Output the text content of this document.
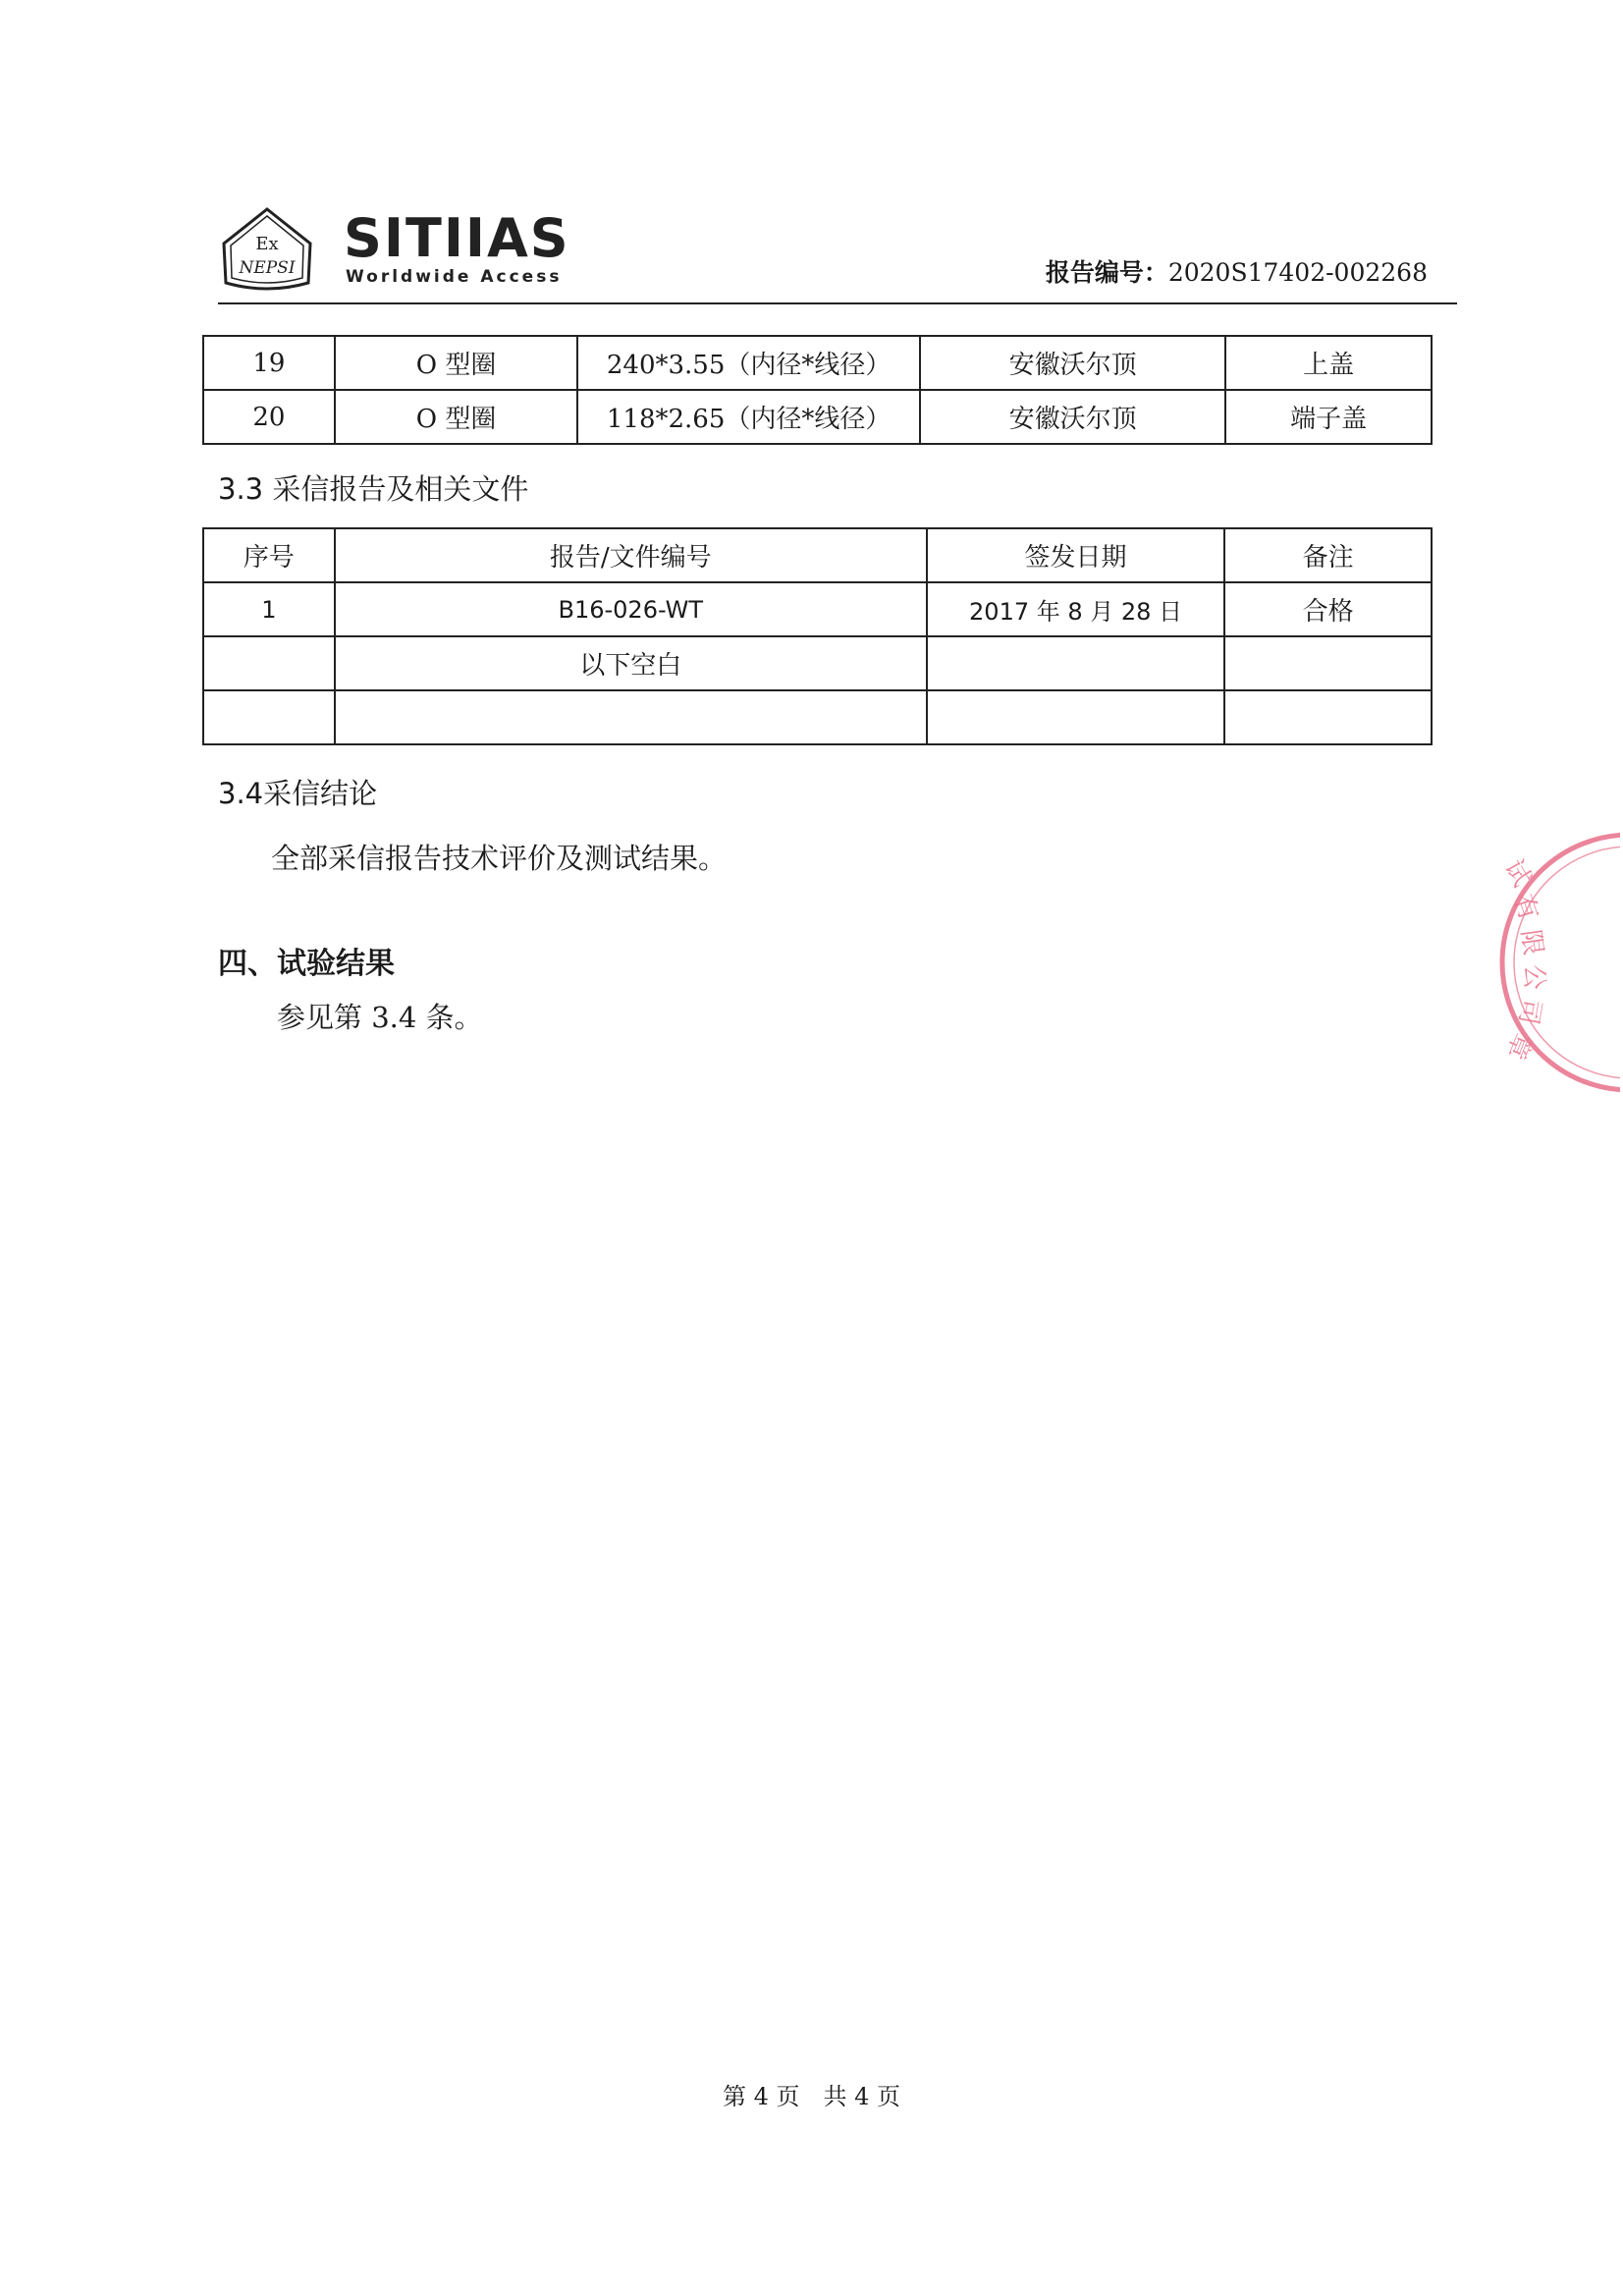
Ex
NEPSI SITIIAS
Worldwide Access	报告编号：2020S17402-002268
19	O 型圈	240*3.55（内径*线径）	安徽沃尔顶	上盖
20	O 型圈	118*2.65（内径*线径）	安徽沃尔顶	端子盖
3.3 采信报告及相关文件
序号	报告/文件编号	签发日期	备注
1	B16-026-WT	2017 年 8 月 28 日	合格
	以下空白		

3.4采信结论
全部采信报告技术评价及测试结果。
四、试验结果
参见第 3.4 条。
试
有
限
公
司
章
第 4 页　共 4 页
